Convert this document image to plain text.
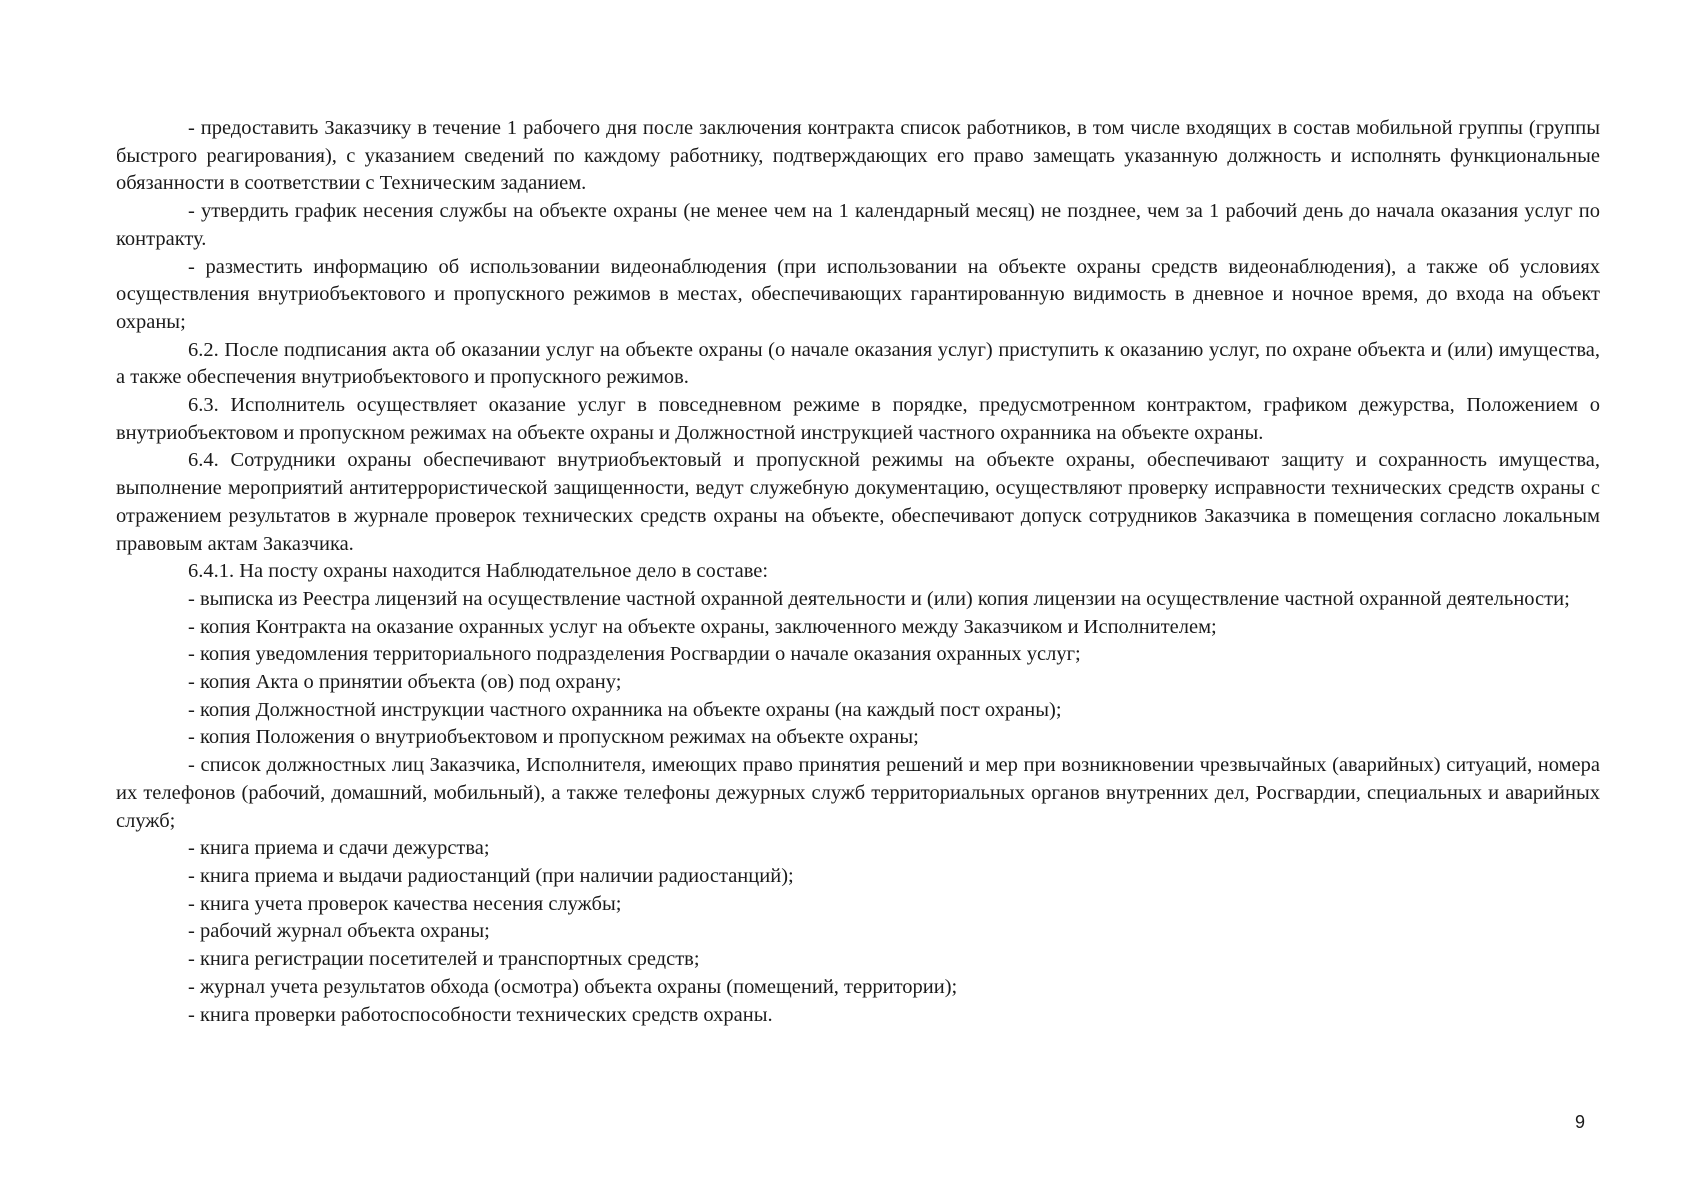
- предоставить Заказчику в течение 1 рабочего дня после заключения контракта список работников, в том числе входящих в состав мобильной группы (группы быстрого реагирования), с указанием сведений по каждому работнику, подтверждающих его право замещать указанную должность и исполнять функциональные обязанности в соответствии с Техническим заданием.

- утвердить график несения службы на объекте охраны (не менее чем на 1 календарный месяц) не позднее, чем за 1 рабочий день до начала оказания услуг по контракту.

- разместить информацию об использовании видеонаблюдения (при использовании на объекте охраны средств видеонаблюдения), а также об условиях осуществления внутриобъектового и пропускного режимов в местах, обеспечивающих гарантированную видимость в дневное и ночное время, до входа на объект охраны;

6.2. После подписания акта об оказании услуг на объекте охраны (о начале оказания услуг) приступить к оказанию услуг, по охране объекта и (или) имущества, а также обеспечения внутриобъектового и пропускного режимов.

6.3. Исполнитель осуществляет оказание услуг в повседневном режиме в порядке, предусмотренном контрактом, графиком дежурства, Положением о внутриобъектовом и пропускном режимах на объекте охраны и Должностной инструкцией частного охранника на объекте охраны.

6.4. Сотрудники охраны обеспечивают внутриобъектовый и пропускной режимы на объекте охраны, обеспечивают защиту и сохранность имущества, выполнение мероприятий антитеррористической защищенности, ведут служебную документацию, осуществляют проверку исправности технических средств охраны с отражением результатов в журнале проверок технических средств охраны на объекте, обеспечивают допуск сотрудников Заказчика в помещения согласно локальным правовым актам Заказчика.

6.4.1. На посту охраны находится Наблюдательное дело в составе:

- выписка из Реестра лицензий на осуществление частной охранной деятельности и (или) копия лицензии на осуществление частной охранной деятельности;

- копия Контракта на оказание охранных услуг на объекте охраны, заключенного между Заказчиком и Исполнителем;

- копия уведомления территориального подразделения Росгвардии о начале оказания охранных услуг;

- копия Акта о принятии объекта (ов) под охрану;

- копия Должностной инструкции частного охранника на объекте охраны (на каждый пост охраны);

- копия Положения о внутриобъектовом и пропускном режимах на объекте охраны;

- список должностных лиц Заказчика, Исполнителя, имеющих право принятия решений и мер при возникновении чрезвычайных (аварийных) ситуаций, номера их телефонов (рабочий, домашний, мобильный), а также телефоны дежурных служб территориальных органов внутренних дел, Росгвардии, специальных и аварийных служб;

- книга приема и сдачи дежурства;

- книга приема и выдачи радиостанций (при наличии радиостанций);

- книга учета проверок качества несения службы;

- рабочий журнал объекта охраны;

- книга регистрации посетителей и транспортных средств;

- журнал учета результатов обхода (осмотра) объекта охраны (помещений, территории);

- книга проверки работоспособности технических средств охраны.

9
